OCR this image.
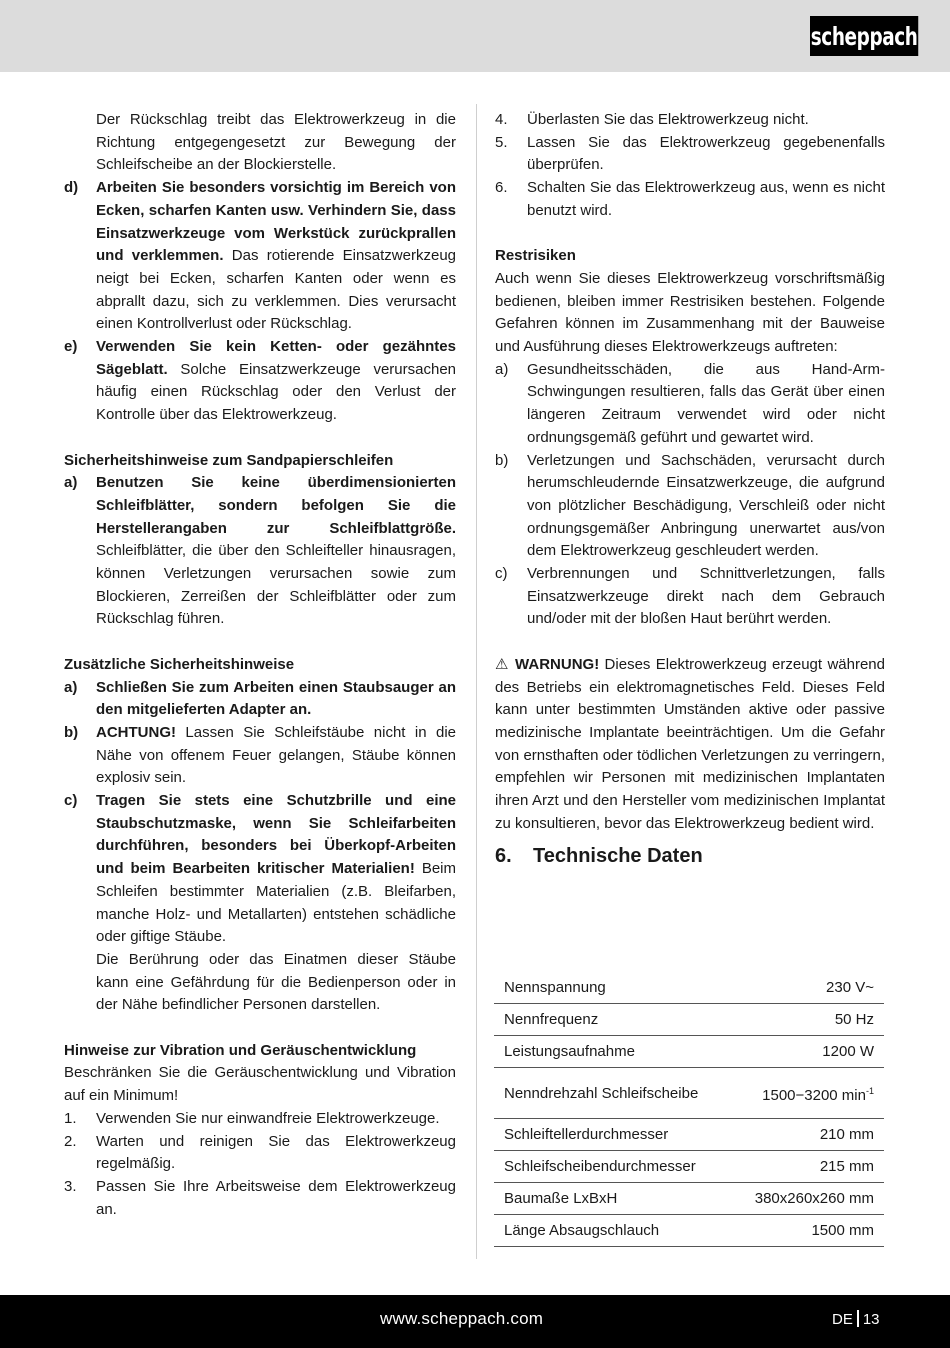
scheppach

Der Rückschlag treibt das Elektrowerkzeug in die Richtung entgegengesetzt zur Bewegung der Schleifscheibe an der Blockierstelle.

d)	Arbeiten Sie besonders vorsichtig im Bereich von Ecken, scharfen Kanten usw. Verhindern Sie, dass Einsatzwerkzeuge vom Werkstück zurückprallen und verklemmen. Das rotierende Einsatzwerkzeug neigt bei Ecken, scharfen Kanten oder wenn es abprallt dazu, sich zu verklemmen. Dies verursacht einen Kontrollverlust oder Rückschlag.

e)	Verwenden Sie kein Ketten- oder gezähntes Sägeblatt. Solche Einsatzwerkzeuge verursachen häufig einen Rückschlag oder den Verlust der Kontrolle über das Elektrowerkzeug.

Sicherheitshinweise zum Sandpapierschleifen

a)	Benutzen Sie keine überdimensionierten Schleifblätter, sondern befolgen Sie die Herstellerangaben zur Schleifblattgröße. Schleifblätter, die über den Schleifteller hinausragen, können Verletzungen verursachen sowie zum Blockieren, Zerreißen der Schleifblätter oder zum Rückschlag führen.

Zusätzliche Sicherheitshinweise

a)	Schließen Sie zum Arbeiten einen Staubsauger an den mitgelieferten Adapter an.

b)	ACHTUNG! Lassen Sie Schleifstäube nicht in die Nähe von offenem Feuer gelangen, Stäube können explosiv sein.

c)	Tragen Sie stets eine Schutzbrille und eine Staubschutzmaske, wenn Sie Schleifarbeiten durchführen, besonders bei Überkopf-Arbeiten und beim Bearbeiten kritischer Materialien! Beim Schleifen bestimmter Materialien (z.B. Bleifarben, manche Holz- und Metallarten) entstehen schädliche oder giftige Stäube.

Die Berührung oder das Einatmen dieser Stäube kann eine Gefährdung für die Bedienperson oder in der Nähe befindlicher Personen darstellen.

Hinweise zur Vibration und Geräuschentwicklung

Beschränken Sie die Geräuschentwicklung und Vibration auf ein Minimum!

1.	Verwenden Sie nur einwandfreie Elektrowerkzeuge.

2.	Warten und reinigen Sie das Elektrowerkzeug regelmäßig.

3.	Passen Sie Ihre Arbeitsweise dem Elektrowerkzeug an.

4.	Überlasten Sie das Elektrowerkzeug nicht.

5.	Lassen Sie das Elektrowerkzeug gegebenenfalls überprüfen.

6.	Schalten Sie das Elektrowerkzeug aus, wenn es nicht benutzt wird.

Restrisiken

Auch wenn Sie dieses Elektrowerkzeug vorschriftsmäßig bedienen, bleiben immer Restrisiken bestehen. Folgende Gefahren können im Zusammenhang mit der Bauweise und Ausführung dieses Elektrowerkzeugs auftreten:

a)	Gesundheitsschäden, die aus Hand-Arm-Schwingungen resultieren, falls das Gerät über einen längeren Zeitraum verwendet wird oder nicht ordnungsgemäß geführt und gewartet wird.

b)	Verletzungen und Sachschäden, verursacht durch herumschleudernde Einsatzwerkzeuge, die aufgrund von plötzlicher Beschädigung, Verschleiß oder nicht ordnungsgemäßer Anbringung unerwartet aus/von dem Elektrowerkzeug geschleudert werden.

c)	Verbrennungen und Schnittverletzungen, falls Einsatzwerkzeuge direkt nach dem Gebrauch und/oder mit der bloßen Haut berührt werden.

⚠ WARNUNG! Dieses Elektrowerkzeug erzeugt während des Betriebs ein elektromagnetisches Feld. Dieses Feld kann unter bestimmten Umständen aktive oder passive medizinische Implantate beeinträchtigen. Um die Gefahr von ernsthaften oder tödlichen Verletzungen zu verringern, empfehlen wir Personen mit medizinischen Implantaten ihren Arzt und den Hersteller vom medizinischen Implantat zu konsultieren, bevor das Elektrowerkzeug bedient wird.

6.	Technische Daten
Nennspannung	230 V~
Nennfrequenz	50 Hz
Leistungsaufnahme	1200 W
Nenndrehzahl Schleifscheibe	1500−3200 $\min^{-1}$
Schleiftellerdurchmesser	210 mm
Schleifscheibendurchmesser	215 mm
Baumaße LxBxH	380x260x260 mm
Länge Absaugschlauch	1500 mm
www.scheppach.com	DE 13
